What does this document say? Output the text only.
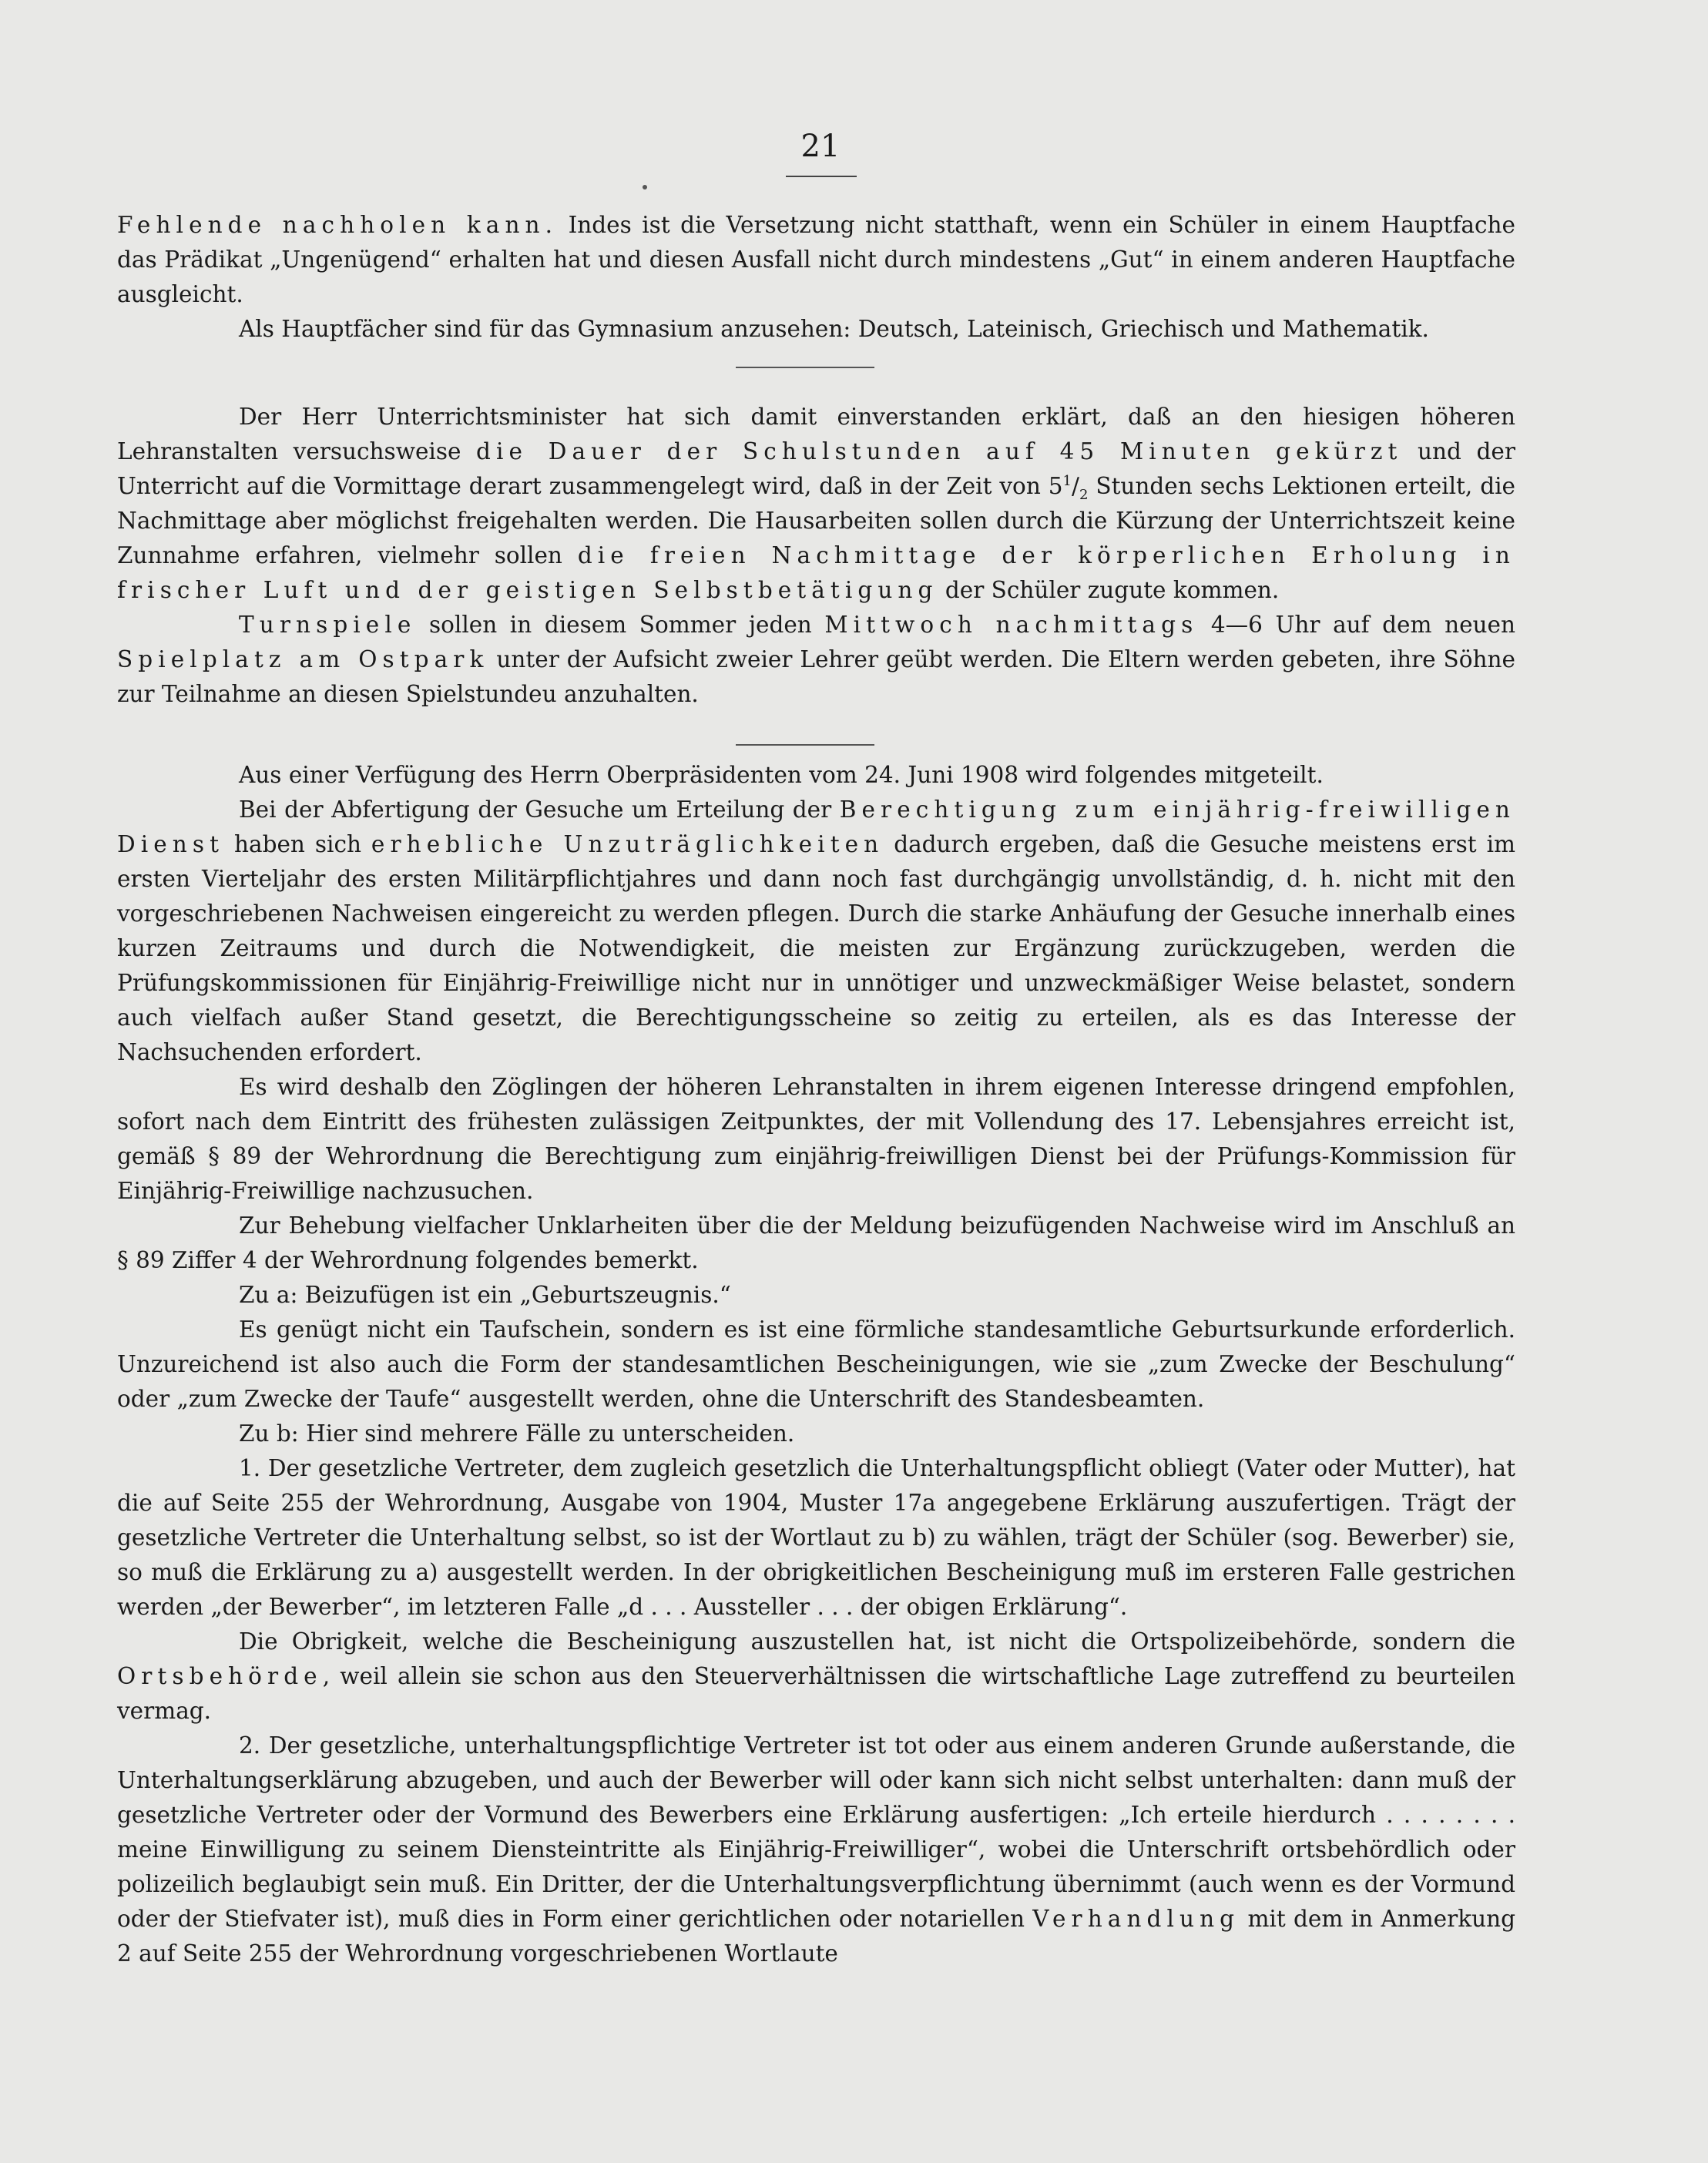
21

Fehlende nachholen kann. Indes ist die Versetzung nicht statthaft, wenn ein Schüler in einem Hauptfache das Prädikat „Ungenügend“ erhalten hat und diesen Ausfall nicht durch mindestens „Gut“ in einem anderen Hauptfache ausgleicht.

Als Hauptfächer sind für das Gymnasium anzusehen: Deutsch, Lateinisch, Griechisch und Mathematik.

Der Herr Unterrichtsminister hat sich damit einverstanden erklärt, daß an den hiesigen höheren Lehranstalten versuchsweise die Dauer der Schulstunden auf 45 Minuten gekürzt und der Unterricht auf die Vormittage derart zusammengelegt wird, daß in der Zeit von $5^1/_2$ Stunden sechs Lektionen erteilt, die Nachmittage aber möglichst freigehalten werden. Die Hausarbeiten sollen durch die Kürzung der Unterrichtszeit keine Zunnahme erfahren, vielmehr sollen die freien Nachmittage der körperlichen Erholung in frischer Luft und der geistigen Selbstbetätigung der Schüler zugute kommen.

Turnspiele sollen in diesem Sommer jeden Mittwoch nachmittags 4—6 Uhr auf dem neuen Spielplatz am Ostpark unter der Aufsicht zweier Lehrer geübt werden. Die Eltern werden gebeten, ihre Söhne zur Teilnahme an diesen Spielstundeu anzuhalten.

Aus einer Verfügung des Herrn Oberpräsidenten vom 24. Juni 1908 wird folgendes mitgeteilt.

Bei der Abfertigung der Gesuche um Erteilung der Berechtigung zum einjährig-freiwilligen Dienst haben sich erhebliche Unzuträglichkeiten dadurch ergeben, daß die Gesuche meistens erst im ersten Vierteljahr des ersten Militärpflichtjahres und dann noch fast durchgängig unvollständig, d. h. nicht mit den vorgeschriebenen Nachweisen eingereicht zu werden pflegen. Durch die starke Anhäufung der Gesuche innerhalb eines kurzen Zeitraums und durch die Notwendigkeit, die meisten zur Ergänzung zurückzugeben, werden die Prüfungskommissionen für Einjährig-Freiwillige nicht nur in unnötiger und unzweckmäßiger Weise belastet, sondern auch vielfach außer Stand gesetzt, die Berechtigungsscheine so zeitig zu erteilen, als es das Interesse der Nachsuchenden erfordert.

Es wird deshalb den Zöglingen der höheren Lehranstalten in ihrem eigenen Interesse dringend empfohlen, sofort nach dem Eintritt des frühesten zulässigen Zeitpunktes, der mit Vollendung des 17. Lebensjahres erreicht ist, gemäß § 89 der Wehrordnung die Berechtigung zum einjährig-freiwilligen Dienst bei der Prüfungs-Kommission für Einjährig-Freiwillige nachzusuchen.

Zur Behebung vielfacher Unklarheiten über die der Meldung beizufügenden Nachweise wird im Anschluß an § 89 Ziffer 4 der Wehrordnung folgendes bemerkt.

Zu a: Beizufügen ist ein „Geburtszeugnis.“

Es genügt nicht ein Taufschein, sondern es ist eine förmliche standesamtliche Geburtsurkunde erforderlich. Unzureichend ist also auch die Form der standesamtlichen Bescheinigungen, wie sie „zum Zwecke der Beschulung“ oder „zum Zwecke der Taufe“ ausgestellt werden, ohne die Unterschrift des Standesbeamten.

Zu b: Hier sind mehrere Fälle zu unterscheiden.

1. Der gesetzliche Vertreter, dem zugleich gesetzlich die Unterhaltungspflicht obliegt (Vater oder Mutter), hat die auf Seite 255 der Wehrordnung, Ausgabe von 1904, Muster 17a angegebene Erklärung auszufertigen. Trägt der gesetzliche Vertreter die Unterhaltung selbst, so ist der Wortlaut zu b) zu wählen, trägt der Schüler (sog. Bewerber) sie, so muß die Erklärung zu a) ausgestellt werden. In der obrigkeitlichen Bescheinigung muß im ersteren Falle gestrichen werden „der Bewerber“, im letzteren Falle „d . . . Aussteller . . . der obigen Erklärung“.

Die Obrigkeit, welche die Bescheinigung auszustellen hat, ist nicht die Ortspolizeibehörde, sondern die Ortsbehörde, weil allein sie schon aus den Steuerverhältnissen die wirtschaftliche Lage zutreffend zu beurteilen vermag.

2. Der gesetzliche, unterhaltungspflichtige Vertreter ist tot oder aus einem anderen Grunde außerstande, die Unterhaltungserklärung abzugeben, und auch der Bewerber will oder kann sich nicht selbst unterhalten: dann muß der gesetzliche Vertreter oder der Vormund des Bewerbers eine Erklärung ausfertigen: „Ich erteile hierdurch . . . . . . . . meine Einwilligung zu seinem Diensteintritte als Einjährig-Freiwilliger“, wobei die Unterschrift ortsbehördlich oder polizeilich beglaubigt sein muß. Ein Dritter, der die Unterhaltungsverpflichtung übernimmt (auch wenn es der Vormund oder der Stiefvater ist), muß dies in Form einer gerichtlichen oder notariellen Verhandlung mit dem in Anmerkung 2 auf Seite 255 der Wehrordnung vorgeschriebenen Wortlaute
